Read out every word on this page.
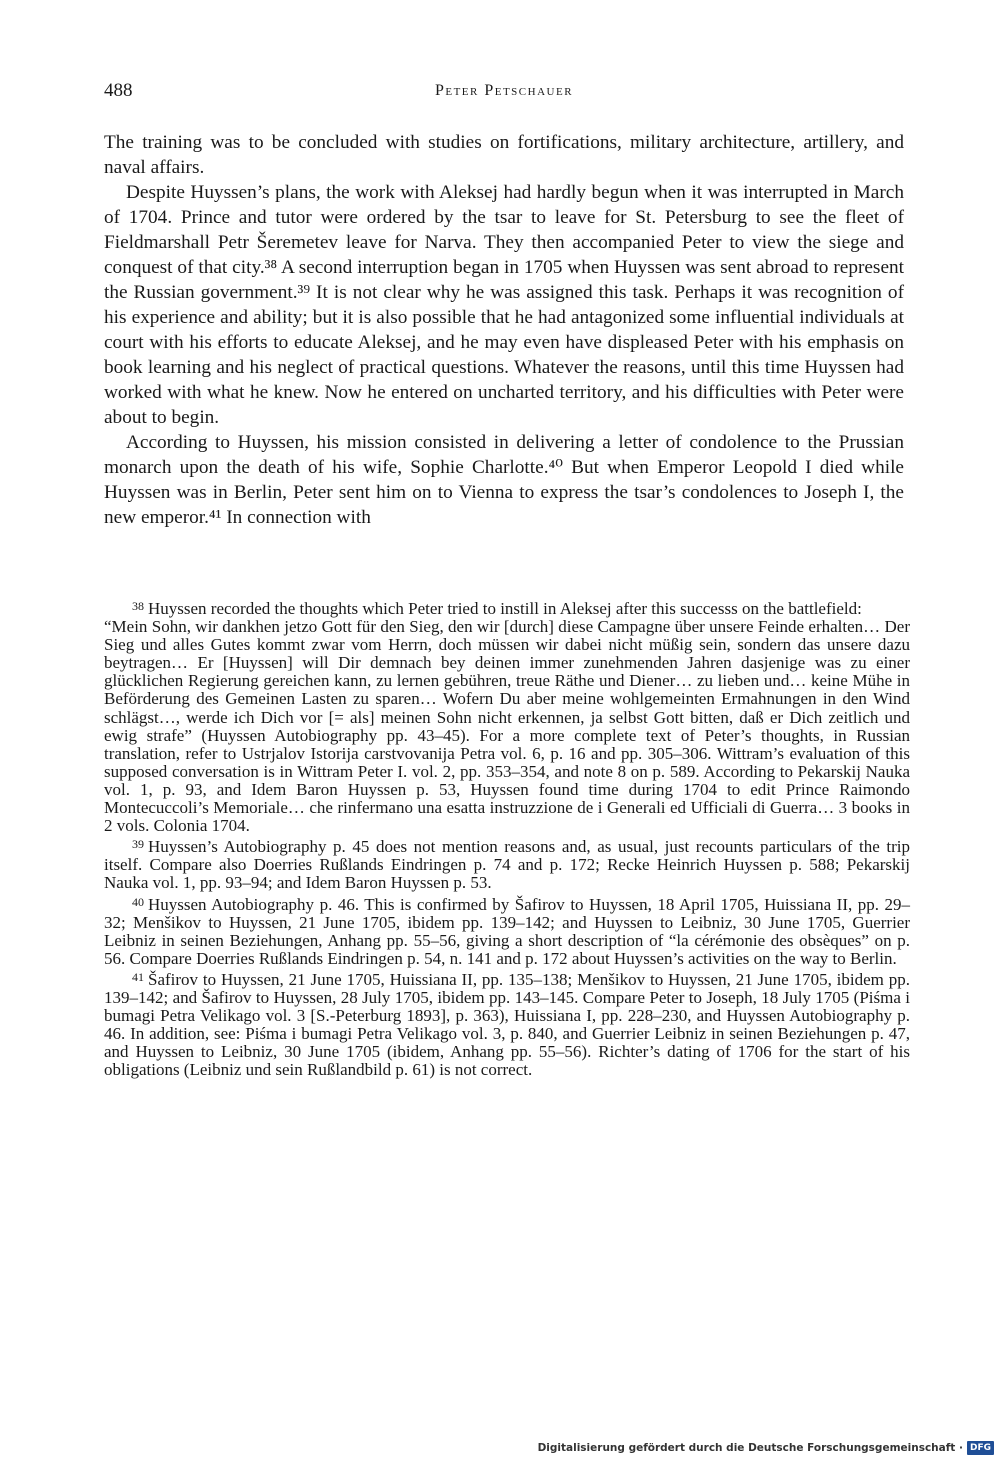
488	Peter Petschauer

The training was to be concluded with studies on fortifications, military architecture, artillery, and naval affairs.

Despite Huyssen’s plans, the work with Aleksej had hardly begun when it was interrupted in March of 1704. Prince and tutor were ordered by the tsar to leave for St. Petersburg to see the fleet of Fieldmarshall Petr Šeremetev leave for Narva. They then accompanied Peter to view the siege and conquest of that city.³⁸ A second interruption began in 1705 when Huyssen was sent abroad to represent the Russian government.³⁹ It is not clear why he was assigned this task. Perhaps it was recognition of his experience and ability; but it is also possible that he had antagonized some influential individuals at court with his efforts to educate Aleksej, and he may even have displeased Peter with his emphasis on book learning and his neglect of practical questions. Whatever the reasons, until this time Huyssen had worked with what he knew. Now he entered on uncharted territory, and his difficulties with Peter were about to begin.

According to Huyssen, his mission consisted in delivering a letter of condolence to the Prussian monarch upon the death of his wife, Sophie Charlotte.⁴⁰ But when Emperor Leopold I died while Huyssen was in Berlin, Peter sent him on to Vienna to express the tsar’s condolences to Joseph I, the new emperor.⁴¹ In connection with

$^{38}$ Huyssen recorded the thoughts which Peter tried to instill in Aleksej after this successs on the battlefield:

“Mein Sohn, wir dankhen jetzo Gott für den Sieg, den wir [durch] diese Campagne über unsere Feinde erhalten… Der Sieg und alles Gutes kommt zwar vom Herrn, doch müssen wir dabei nicht müßig sein, sondern das unsere dazu beytragen… Er [Huyssen] will Dir demnach bey deinen immer zunehmenden Jahren dasjenige was zu einer glücklichen Regierung gereichen kann, zu lernen gebühren, treue Räthe und Diener… zu lieben und… keine Mühe in Beförderung des Gemeinen Lasten zu sparen… Wofern Du aber meine wohlgemeinten Ermahnungen in den Wind schlägst…, werde ich Dich vor [= als] meinen Sohn nicht erkennen, ja selbst Gott bitten, daß er Dich zeitlich und ewig strafe” (Huyssen Autobiography pp. 43–45). For a more complete text of Peter’s thoughts, in Russian translation, refer to Ustrjalov Istorija carstvovanija Petra vol. 6, p. 16 and pp. 305–306. Wittram’s evaluation of this supposed conversation is in Wittram Peter I. vol. 2, pp. 353–354, and note 8 on p. 589. According to Pekarskij Nauka vol. 1, p. 93, and Idem Baron Huyssen p. 53, Huyssen found time during 1704 to edit Prince Raimondo Montecuccoli’s Memoriale… che rinfermano una esatta instruzzione de i Generali ed Ufficiali di Guerra… 3 books in 2 vols. Colonia 1704.

$^{39}$ Huyssen’s Autobiography p. 45 does not mention reasons and, as usual, just recounts particulars of the trip itself. Compare also Doerries Rußlands Eindringen p. 74 and p. 172; Recke Heinrich Huyssen p. 588; Pekarskij Nauka vol. 1, pp. 93–94; and Idem Baron Huyssen p. 53.

$^{40}$ Huyssen Autobiography p. 46. This is confirmed by Šafirov to Huyssen, 18 April 1705, Huissiana II, pp. 29–32; Menšikov to Huyssen, 21 June 1705, ibidem pp. 139–142; and Huyssen to Leibniz, 30 June 1705, Guerrier Leibniz in seinen Beziehungen, Anhang pp. 55–56, giving a short description of “la cérémonie des obsèques” on p. 56. Compare Doerries Rußlands Eindringen p. 54, n. 141 and p. 172 about Huyssen’s activities on the way to Berlin.

$^{41}$ Šafirov to Huyssen, 21 June 1705, Huissiana II, pp. 135–138; Menšikov to Huyssen, 21 June 1705, ibidem pp. 139–142; and Šafirov to Huyssen, 28 July 1705, ibidem pp. 143–145. Compare Peter to Joseph, 18 July 1705 (Piśma i bumagi Petra Velikago vol. 3 [S.-Peterburg 1893], p. 363), Huissiana I, pp. 228–230, and Huyssen Autobiography p. 46. In addition, see: Piśma i bumagi Petra Velikago vol. 3, p. 840, and Guerrier Leibniz in seinen Beziehungen p. 47, and Huyssen to Leibniz, 30 June 1705 (ibidem, Anhang pp. 55–56). Richter’s dating of 1706 for the start of his obligations (Leibniz und sein Rußlandbild p. 61) is not correct.

Digitalisierung gefördert durch die Deutsche Forschungsgemeinschaft · DFG
